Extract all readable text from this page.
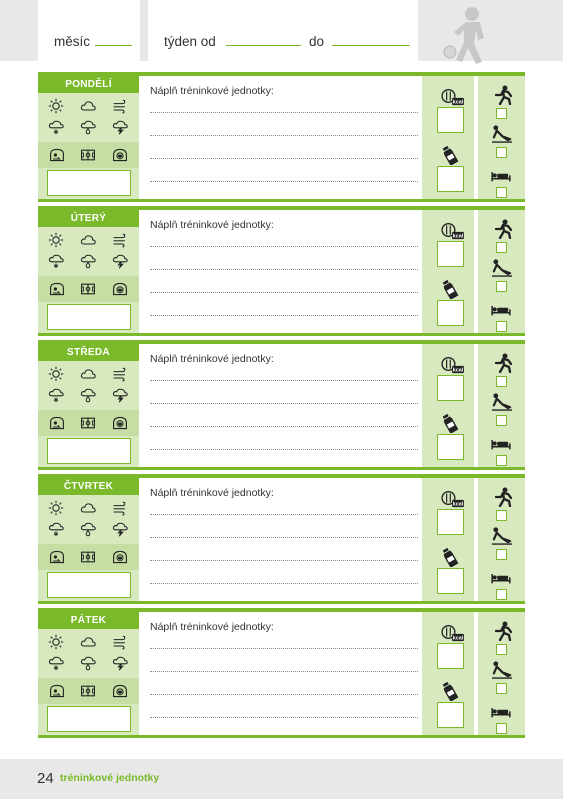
měsíc	týden od	do
PONDĚLÍ
Náplň tréninkové jednotky:
kcal
ÚTERÝ
Náplň tréninkové jednotky:
kcal
STŘEDA
Náplň tréninkové jednotky:
kcal
ČTVRTEK
Náplň tréninkové jednotky:
kcal
PÁTEK
Náplň tréninkové jednotky:
kcal
24 tréninkové jednotky
